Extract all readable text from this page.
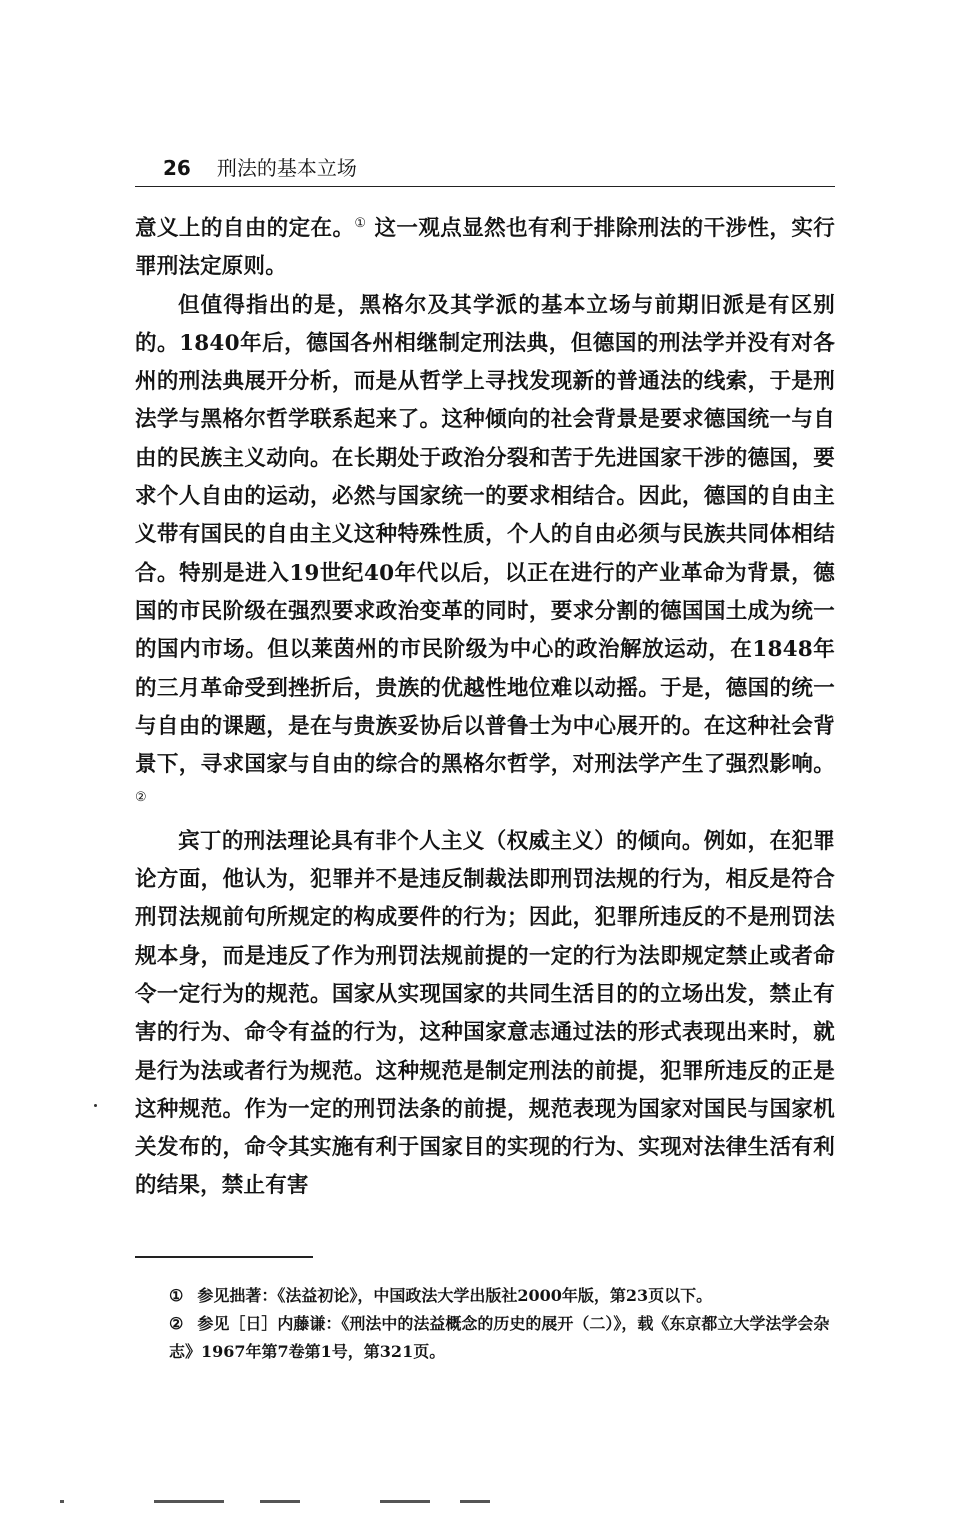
26 刑法的基本立场

意义上的自由的定在。① 这一观点显然也有利于排除刑法的干涉性，实行罪刑法定原则。

但值得指出的是，黑格尔及其学派的基本立场与前期旧派是有区别的。1840年后，德国各州相继制定刑法典，但德国的刑法学并没有对各州的刑法典展开分析，而是从哲学上寻找发现新的普通法的线索，于是刑法学与黑格尔哲学联系起来了。这种倾向的社会背景是要求德国统一与自由的民族主义动向。在长期处于政治分裂和苦于先进国家干涉的德国，要求个人自由的运动，必然与国家统一的要求相结合。因此，德国的自由主义带有国民的自由主义这种特殊性质，个人的自由必须与民族共同体相结合。特别是进入19世纪40年代以后，以正在进行的产业革命为背景，德国的市民阶级在强烈要求政治变革的同时，要求分割的德国国土成为统一的国内市场。但以莱茵州的市民阶级为中心的政治解放运动，在1848年的三月革命受到挫折后，贵族的优越性地位难以动摇。于是，德国的统一与自由的课题，是在与贵族妥协后以普鲁士为中心展开的。在这种社会背景下，寻求国家与自由的综合的黑格尔哲学，对刑法学产生了强烈影响。②

宾丁的刑法理论具有非个人主义（权威主义）的倾向。例如，在犯罪论方面，他认为，犯罪并不是违反制裁法即刑罚法规的行为，相反是符合刑罚法规前句所规定的构成要件的行为；因此，犯罪所违反的不是刑罚法规本身，而是违反了作为刑罚法规前提的一定的行为法即规定禁止或者命令一定行为的规范。国家从实现国家的共同生活目的的立场出发，禁止有害的行为、命令有益的行为，这种国家意志通过法的形式表现出来时，就是行为法或者行为规范。这种规范是制定刑法的前提，犯罪所违反的正是这种规范。作为一定的刑罚法条的前提，规范表现为国家对国民与国家机关发布的，命令其实施有利于国家目的实现的行为、实现对法律生活有利的结果，禁止有害

① 参见拙著：《法益初论》，中国政法大学出版社2000年版，第23页以下。

② 参见［日］内藤谦：《刑法中的法益概念的历史的展开（二）》，载《东京都立大学法学会杂志》1967年第7卷第1号，第321页。
